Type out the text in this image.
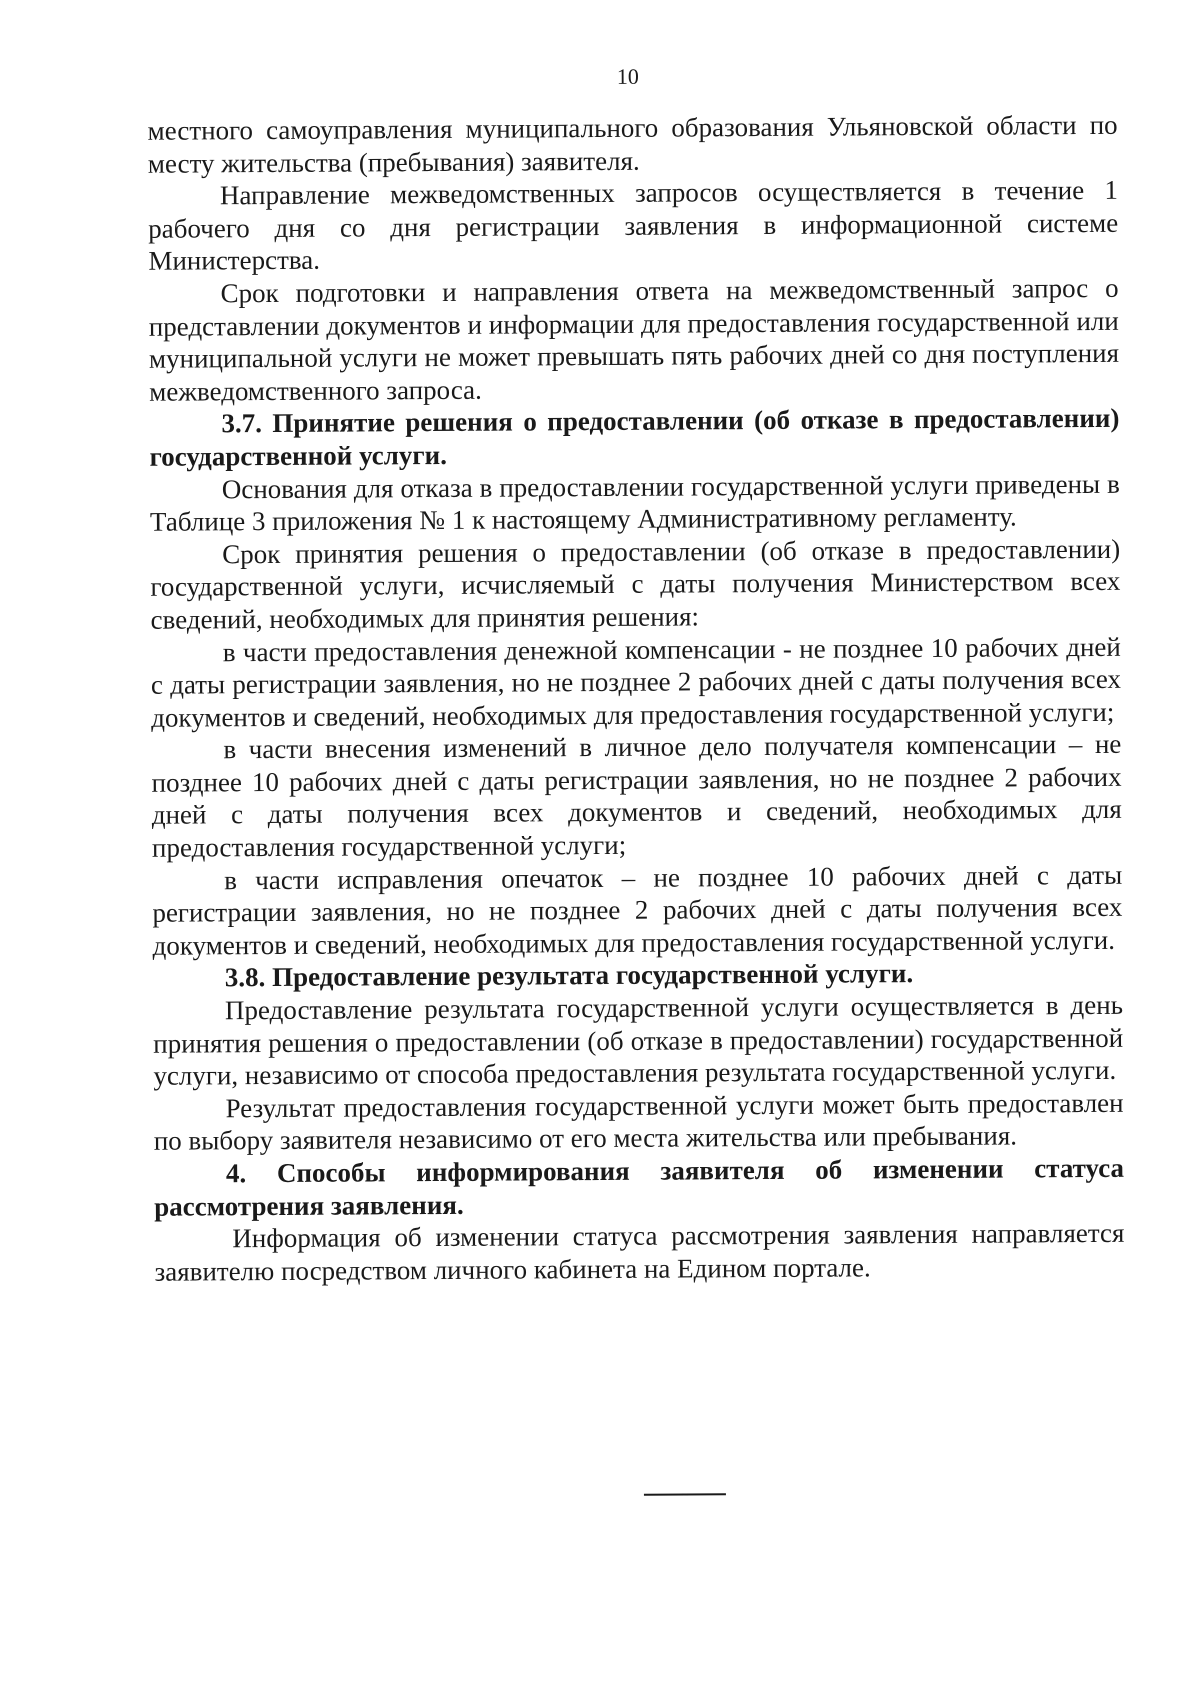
10

местного самоуправления муниципального образования Ульяновской области по месту жительства (пребывания) заявителя.

Направление межведомственных запросов осуществляется в течение 1 рабочего дня со дня регистрации заявления в информационной системе Министерства.

Срок подготовки и направления ответа на межведомственный запрос о представлении документов и информации для предоставления государственной или муниципальной услуги не может превышать пять рабочих дней со дня поступления межведомственного запроса.

3.7. Принятие решения о предоставлении (об отказе в предоставлении) государственной услуги.

Основания для отказа в предоставлении государственной услуги приведены в Таблице 3 приложения № 1 к настоящему Административному регламенту.

Срок принятия решения о предоставлении (об отказе в предоставлении) государственной услуги, исчисляемый с даты получения Министерством всех сведений, необходимых для принятия решения:

в части предоставления денежной компенсации - не позднее 10 рабочих дней с даты регистрации заявления, но не позднее 2 рабочих дней с даты получения всех документов и сведений, необходимых для предоставления государственной услуги;

в части внесения изменений в личное дело получателя компенсации – не позднее 10 рабочих дней с даты регистрации заявления, но не позднее 2 рабочих дней с даты получения всех документов и сведений, необходимых для предоставления государственной услуги;

в части исправления опечаток – не позднее 10 рабочих дней с даты регистрации заявления, но не позднее 2 рабочих дней с даты получения всех документов и сведений, необходимых для предоставления государственной услуги.

3.8. Предоставление результата государственной услуги.

Предоставление результата государственной услуги осуществляется в день принятия решения о предоставлении (об отказе в предоставлении) государственной услуги, независимо от способа предоставления результата государственной услуги.

Результат предоставления государственной услуги может быть предоставлен по выбору заявителя независимо от его места жительства или пребывания.

4. Способы информирования заявителя об изменении статуса рассмотрения заявления.

Информация об изменении статуса рассмотрения заявления направляется заявителю посредством личного кабинета на Едином портале.
